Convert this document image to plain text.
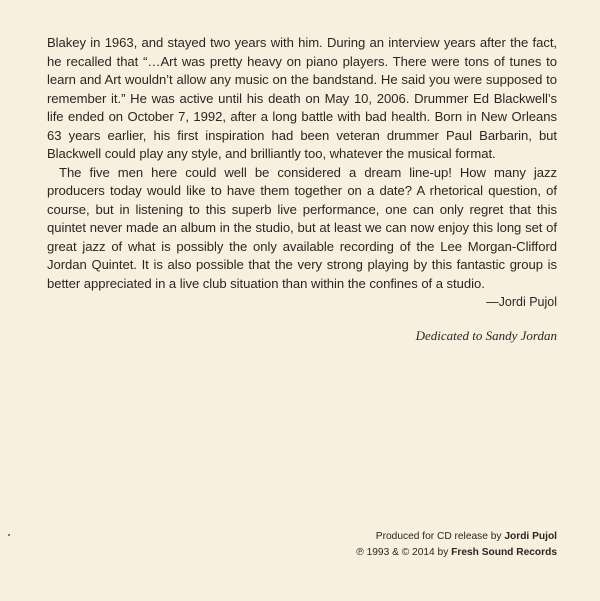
Blakey in 1963, and stayed two years with him. During an interview years after the fact, he recalled that “…Art was pretty heavy on piano players. There were tons of tunes to learn and Art wouldn’t allow any music on the bandstand. He said you were supposed to remember it.” He was active until his death on May 10, 2006. Drummer Ed Blackwell’s life ended on October 7, 1992, after a long battle with bad health. Born in New Orleans 63 years earlier, his first inspiration had been veteran drummer Paul Barbarin, but Blackwell could play any style, and brilliantly too, whatever the musical format.

The five men here could well be considered a dream line-up! How many jazz producers today would like to have them together on a date? A rhetorical question, of course, but in listening to this superb live performance, one can only regret that this quintet never made an album in the studio, but at least we can now enjoy this long set of great jazz of what is possibly the only available recording of the Lee Morgan-Clifford Jordan Quintet. It is also possible that the very strong playing by this fantastic group is better appreciated in a live club situation than within the confines of a studio.

—Jordi Pujol
Dedicated to Sandy Jordan
Produced for CD release by Jordi Pujol
℗ 1993 & © 2014 by Fresh Sound Records
